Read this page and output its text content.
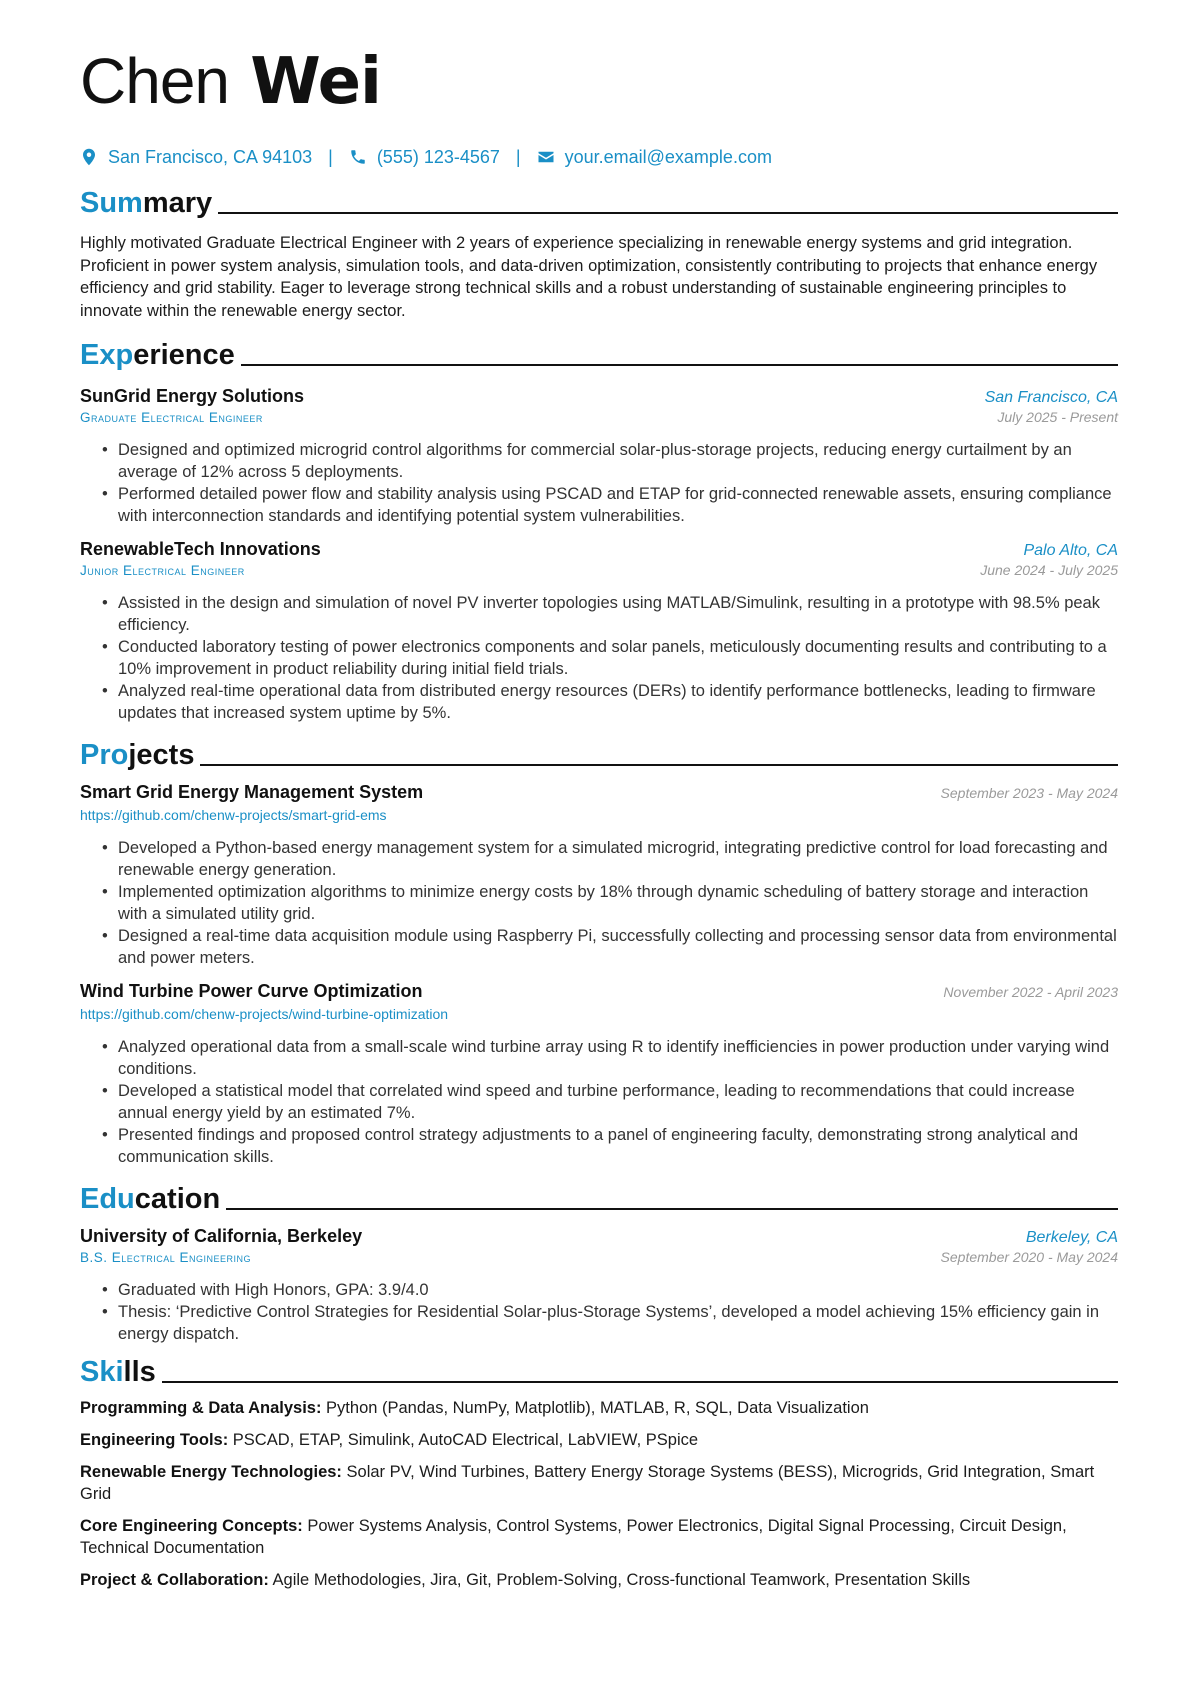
Chen Wei
San Francisco, CA 94103 | (555) 123-4567 | your.email@example.com
Summary
Highly motivated Graduate Electrical Engineer with 2 years of experience specializing in renewable energy systems and grid integration. Proficient in power system analysis, simulation tools, and data-driven optimization, consistently contributing to projects that enhance energy efficiency and grid stability. Eager to leverage strong technical skills and a robust understanding of sustainable engineering principles to innovate within the renewable energy sector.
Experience
SunGrid Energy Solutions	San Francisco, CA
Graduate Electrical Engineer	July 2025 - Present
• Designed and optimized microgrid control algorithms for commercial solar-plus-storage projects, reducing energy curtailment by an average of 12% across 5 deployments.
• Performed detailed power flow and stability analysis using PSCAD and ETAP for grid-connected renewable assets, ensuring compliance with interconnection standards and identifying potential system vulnerabilities.
RenewableTech Innovations	Palo Alto, CA
Junior Electrical Engineer	June 2024 - July 2025
• Assisted in the design and simulation of novel PV inverter topologies using MATLAB/Simulink, resulting in a prototype with 98.5% peak efficiency.
• Conducted laboratory testing of power electronics components and solar panels, meticulously documenting results and contributing to a 10% improvement in product reliability during initial field trials.
• Analyzed real-time operational data from distributed energy resources (DERs) to identify performance bottlenecks, leading to firmware updates that increased system uptime by 5%.
Projects
Smart Grid Energy Management System	September 2023 - May 2024
https://github.com/chenw-projects/smart-grid-ems
• Developed a Python-based energy management system for a simulated microgrid, integrating predictive control for load forecasting and renewable energy generation.
• Implemented optimization algorithms to minimize energy costs by 18% through dynamic scheduling of battery storage and interaction with a simulated utility grid.
• Designed a real-time data acquisition module using Raspberry Pi, successfully collecting and processing sensor data from environmental and power meters.
Wind Turbine Power Curve Optimization	November 2022 - April 2023
https://github.com/chenw-projects/wind-turbine-optimization
• Analyzed operational data from a small-scale wind turbine array using R to identify inefficiencies in power production under varying wind conditions.
• Developed a statistical model that correlated wind speed and turbine performance, leading to recommendations that could increase annual energy yield by an estimated 7%.
• Presented findings and proposed control strategy adjustments to a panel of engineering faculty, demonstrating strong analytical and communication skills.
Education
University of California, Berkeley	Berkeley, CA
B.S. Electrical Engineering	September 2020 - May 2024
• Graduated with High Honors, GPA: 3.9/4.0
• Thesis: ‘Predictive Control Strategies for Residential Solar-plus-Storage Systems’, developed a model achieving 15% efficiency gain in energy dispatch.
Skills
Programming & Data Analysis: Python (Pandas, NumPy, Matplotlib), MATLAB, R, SQL, Data Visualization
Engineering Tools: PSCAD, ETAP, Simulink, AutoCAD Electrical, LabVIEW, PSpice
Renewable Energy Technologies: Solar PV, Wind Turbines, Battery Energy Storage Systems (BESS), Microgrids, Grid Integration, Smart Grid
Core Engineering Concepts: Power Systems Analysis, Control Systems, Power Electronics, Digital Signal Processing, Circuit Design, Technical Documentation
Project & Collaboration: Agile Methodologies, Jira, Git, Problem-Solving, Cross-functional Teamwork, Presentation Skills
